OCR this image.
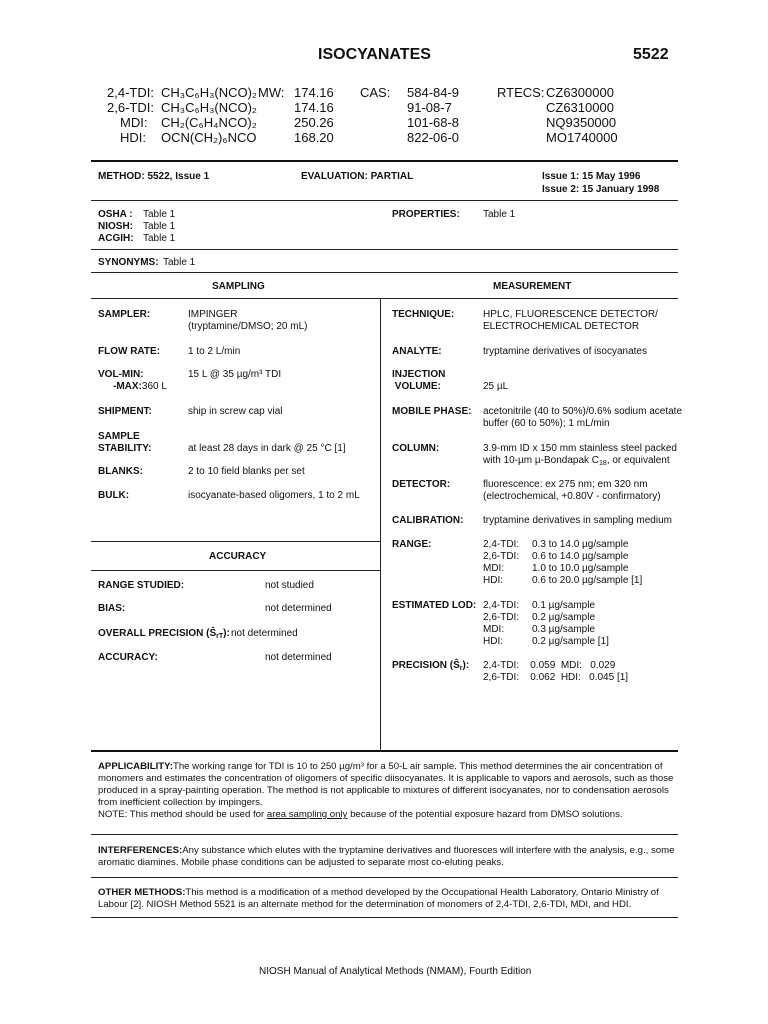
ISOCYANATES	5522
2,4-TDI: CH₃C₆H₃(NCO)₂ MW: 174.16 CAS: 584-84-9	RTECS: CZ6300000
2,6-TDI: CH₃C₆H₃(NCO)₂	174.16	91-08-7	CZ6310000
MDI: CH₂(C₆H₄NCO)₂	250.26	101-68-8	NQ9350000
HDI: OCN(CH₂)₆NCO	168.20	822-06-0	MO1740000
METHOD: 5522, Issue 1	EVALUATION: PARTIAL	Issue 1: 15 May 1996
Issue 2: 15 January 1998
OSHA : Table 1
NIOSH: Table 1
ACGIH: Table 1
PROPERTIES: Table 1
SYNONYMS: Table 1
SAMPLING	MEASUREMENT
SAMPLER:	IMPINGER
(tryptamine/DMSO; 20 mL)
FLOW RATE:	1 to 2 L/min
VOL-MIN:	15 L @ 35 µg/m³ TDI
-MAX:360 L
SHIPMENT:	ship in screw cap vial
SAMPLE
STABILITY:	at least 28 days in dark @ 25 °C [1]
BLANKS:	2 to 10 field blanks per set
BULK:	isocyanate-based oligomers, 1 to 2 mL
ACCURACY
RANGE STUDIED:	not studied
BIAS:	not determined
OVERALL PRECISION $(Ŝ_{rT})$: not determined
ACCURACY:	not determined
TECHNIQUE:	HPLC, FLUORESCENCE DETECTOR/
ELECTROCHEMICAL DETECTOR
ANALYTE:	tryptamine derivatives of isocyanates
INJECTION
VOLUME:	25 µL
MOBILE PHASE: acetonitrile (40 to 50%)/0.6% sodium acetate
buffer (60 to 50%); 1 mL/min
COLUMN:	3.9-mm ID x 150 mm stainless steel packed
with 10-µm µ-Bondapak $C_{18}$, or equivalent
DETECTOR:	fluorescence: ex 275 nm; em 320 nm
(electrochemical, +0.80V - confirmatory)
CALIBRATION: tryptamine derivatives in sampling medium
RANGE:	2,4-TDI: 0.3 to 14.0 µg/sample
2,6-TDI: 0.6 to 14.0 µg/sample
MDI:	1.0 to 10.0 µg/sample
HDI:	0.6 to 20.0 µg/sample [1]
ESTIMATED LOD: 2,4-TDI: 0.1 µg/sample
2,6-TDI: 0.2 µg/sample
MDI:	0.3 µg/sample
HDI:	0.2 µg/sample [1]
PRECISION $(Ŝ_r)$: 2,4-TDI:    0.059  MDI:   0.029
2,6-TDI:    0.062  HDI:   0.045 [1]
APPLICABILITY:The working range for TDI is 10 to 250 µg/m³ for a 50-L air sample. This method determines the air concentration of monomers and estimates the concentration of oligomers of specific diisocyanates. It is applicable to vapors and aerosols, such as those produced in a spray-painting operation. The method is not applicable to mixtures of different isocyanates, nor to condensation aerosols from inefficient collection by impingers.
NOTE: This method should be used for area sampling only because of the potential exposure hazard from DMSO solutions.
INTERFERENCES:Any substance which elutes with the tryptamine derivatives and fluoresces will interfere with the analysis, e.g., some aromatic diamines. Mobile phase conditions can be adjusted to separate most co-eluting peaks.
OTHER METHODS:This method is a modification of a method developed by the Occupational Health Laboratory, Ontario Ministry of Labour [2]. NIOSH Method 5521 is an alternate method for the determination of monomers of 2,4-TDI, 2,6-TDI, MDI, and HDI.
NIOSH Manual of Analytical Methods (NMAM), Fourth Edition
